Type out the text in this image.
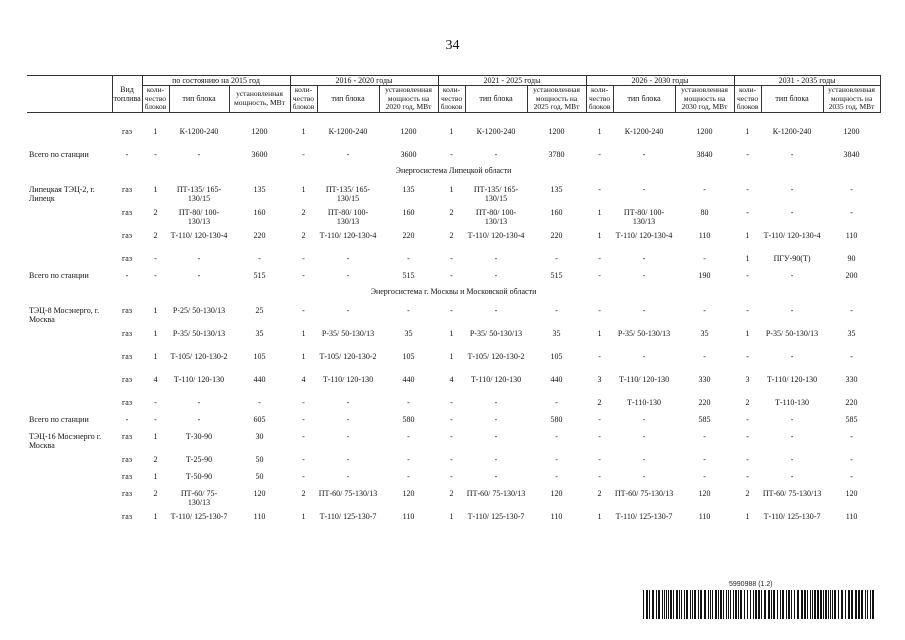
34
	Вид топлива	по состоянию на 2015 год			2016 - 2020 годы			2021 - 2025 годы			2026 - 2030 годы			2031 - 2035 годы		
		коли-чество блоков	тип блока	установленная мощность, МВт	коли-чество блоков	тип блока	установленная мощность на 2020 год, МВт	коли-чество блоков	тип блока	установленная мощность на 2025 год, МВт	коли-чество блоков	тип блока	установленная мощность на 2030 год, МВт	коли-чество блоков	тип блока	установленная мощность на 2035 год, МВт

	газ	1	К-1200-240	1200	1	К-1200-240	1200	1	К-1200-240	1200	1	К-1200-240	1200	1	К-1200-240	1200
Всего по станции	-	-	-	3600	-	-	3600	-	-	3780	-	-	3840	-	-	3840
Энергосистема Липецкой области																
Липецкая ТЭЦ-2, г. Липецк	газ	1	ПТ-135/ 165-130/15	135	1	ПТ-135/ 165-130/15	135	1	ПТ-135/ 165-130/15	135	-	-	-	-	-	-
	газ	2	ПТ-80/ 100-130/13	160	2	ПТ-80/ 100-130/13	160	2	ПТ-80/ 100-130/13	160	1	ПТ-80/ 100-130/13	80	-	-	-
	газ	2	Т-110/ 120-130-4	220	2	Т-110/ 120-130-4	220	2	Т-110/ 120-130-4	220	1	Т-110/ 120-130-4	110	1	Т-110/ 120-130-4	110
	газ	-	-	-	-	-	-	-	-	-	-	-	-	1	ПГУ-90(Т)	90
Всего по станции	-	-	-	515	-	-	515	-	-	515	-	-	190	-	-	200
Энергосистема г. Москвы и Московской области																
ТЭЦ-8 Мосэнерго, г. Москва	газ	1	Р-25/ 50-130/13	25	-	-	-	-	-	-	-	-	-	-	-	-
	газ	1	Р-35/ 50-130/13	35	1	Р-35/ 50-130/13	35	1	Р-35/ 50-130/13	35	1	Р-35/ 50-130/13	35	1	Р-35/ 50-130/13	35
	газ	1	Т-105/ 120-130-2	105	1	Т-105/ 120-130-2	105	1	Т-105/ 120-130-2	105	-	-	-	-	-	-
	газ	4	Т-110/ 120-130	440	4	Т-110/ 120-130	440	4	Т-110/ 120-130	440	3	Т-110/ 120-130	330	3	Т-110/ 120-130	330
	газ	-	-	-	-	-	-	-	-	-	2	Т-110-130	220	2	Т-110-130	220
Всего по станции	-	-	-	605	-	-	580	-	-	580	-	-	585	-	-	585
ТЭЦ-16 Мосэнерго г. Москва	газ	1	Т-30-90	30	-	-	-	-	-	-	-	-	-	-	-	-
	газ	2	Т-25-90	50	-	-	-	-	-	-	-	-	-	-	-	-
	газ	1	Т-50-90	50	-	-	-	-	-	-	-	-	-	-	-	-
	газ	2	ПТ-60/ 75-130/13	120	2	ПТ-60/ 75-130/13	120	2	ПТ-60/ 75-130/13	120	2	ПТ-60/ 75-130/13	120	2	ПТ-60/ 75-130/13	120
	газ	1	Т-110/ 125-130-7	110	1	Т-110/ 125-130-7	110	1	Т-110/ 125-130-7	110	1	Т-110/ 125-130-7	110	1	Т-110/ 125-130-7	110
5990988 (1.2)
